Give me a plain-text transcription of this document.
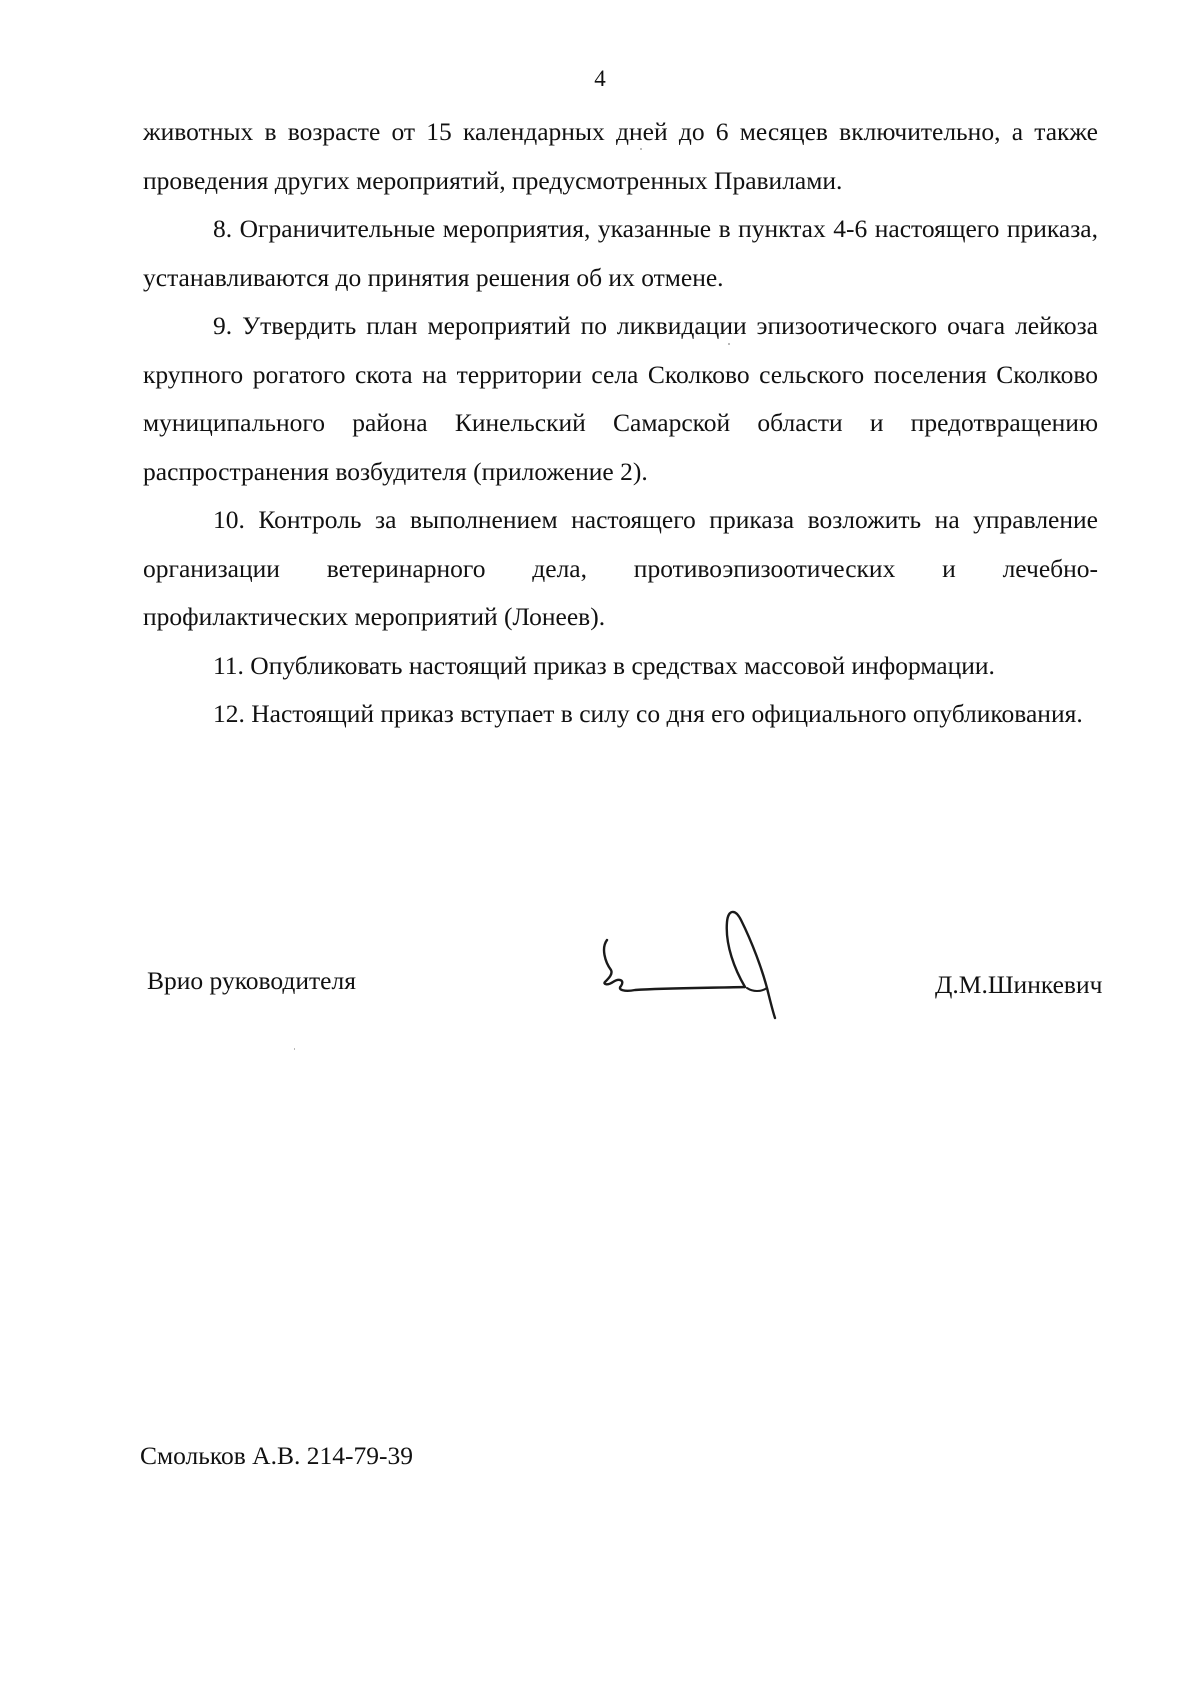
4

животных в возрасте от 15 календарных дней до 6 месяцев включительно, а также проведения других мероприятий, предусмотренных Правилами.

8. Ограничительные мероприятия, указанные в пунктах 4-6 настоящего приказа, устанавливаются до принятия решения об их отмене.

9. Утвердить план мероприятий по ликвидации эпизоотического очага лейкоза крупного рогатого скота на территории села Сколково сельского поселения Сколково муниципального района Кинельский Самарской области и предотвращению распространения возбудителя (приложение 2).

10. Контроль за выполнением настоящего приказа возложить на управление организации ветеринарного дела, противоэпизоотических и лечебно-профилактических мероприятий (Лонеев).

11. Опубликовать настоящий приказ в средствах массовой информации.

12. Настоящий приказ вступает в силу со дня его официального опубликования.

Врио руководителя	Д.М.Шинкевич
Смольков А.В. 214-79-39
